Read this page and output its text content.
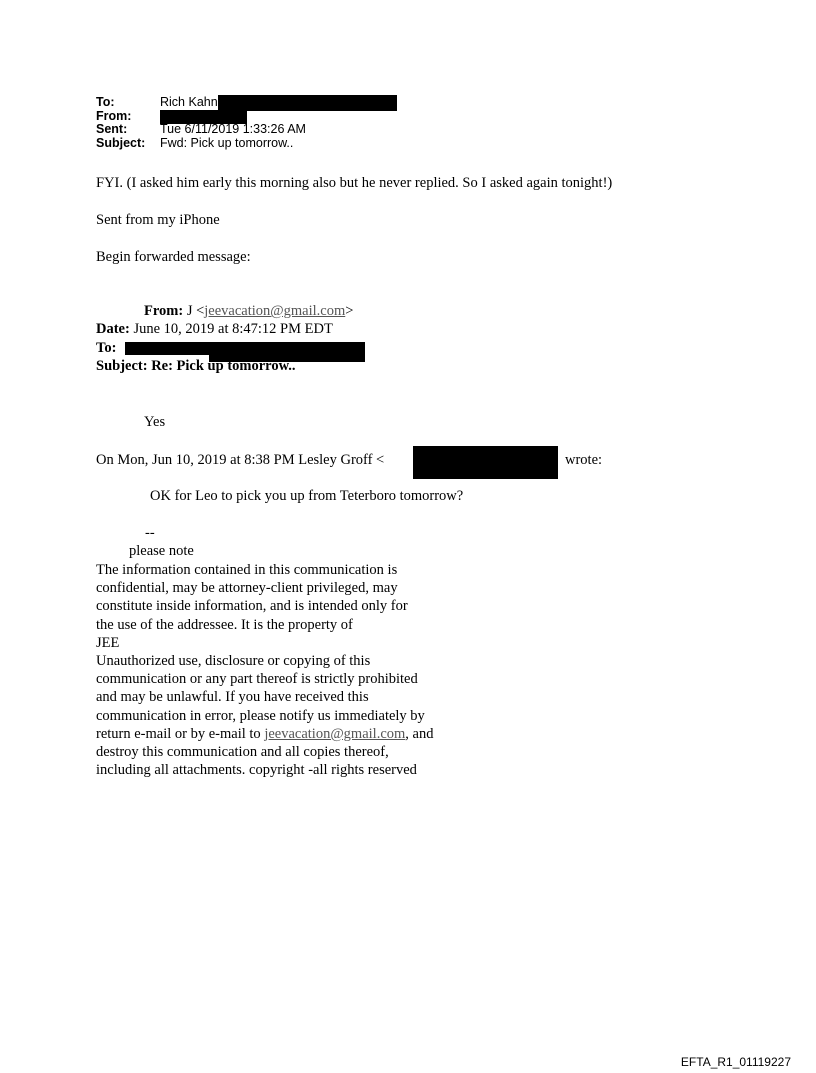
To:	Rich Kahn
From:
Sent:	Tue 6/11/2019 1:33:26 AM
Subject: Fwd: Pick up tomorrow..
FYI. (I asked him early this morning also but he never replied. So I asked again tonight!)
Sent from my iPhone
Begin forwarded message:
From: J <jeevacation@gmail.com>
Date: June 10, 2019 at 8:47:12 PM EDT
To:
Subject: Re: Pick up tomorrow..
Yes
On Mon, Jun 10, 2019 at 8:38 PM Lesley Groff <	wrote:
OK for Leo to pick you up from Teterboro tomorrow?
--
please note
The information contained in this communication is
confidential, may be attorney-client privileged, may
constitute inside information, and is intended only for
the use of the addressee. It is the property of
JEE
Unauthorized use, disclosure or copying of this
communication or any part thereof is strictly prohibited
and may be unlawful. If you have received this
communication in error, please notify us immediately by
return e-mail or by e-mail to jeevacation@gmail.com, and
destroy this communication and all copies thereof,
including all attachments. copyright -all rights reserved
EFTA_R1_01119227
